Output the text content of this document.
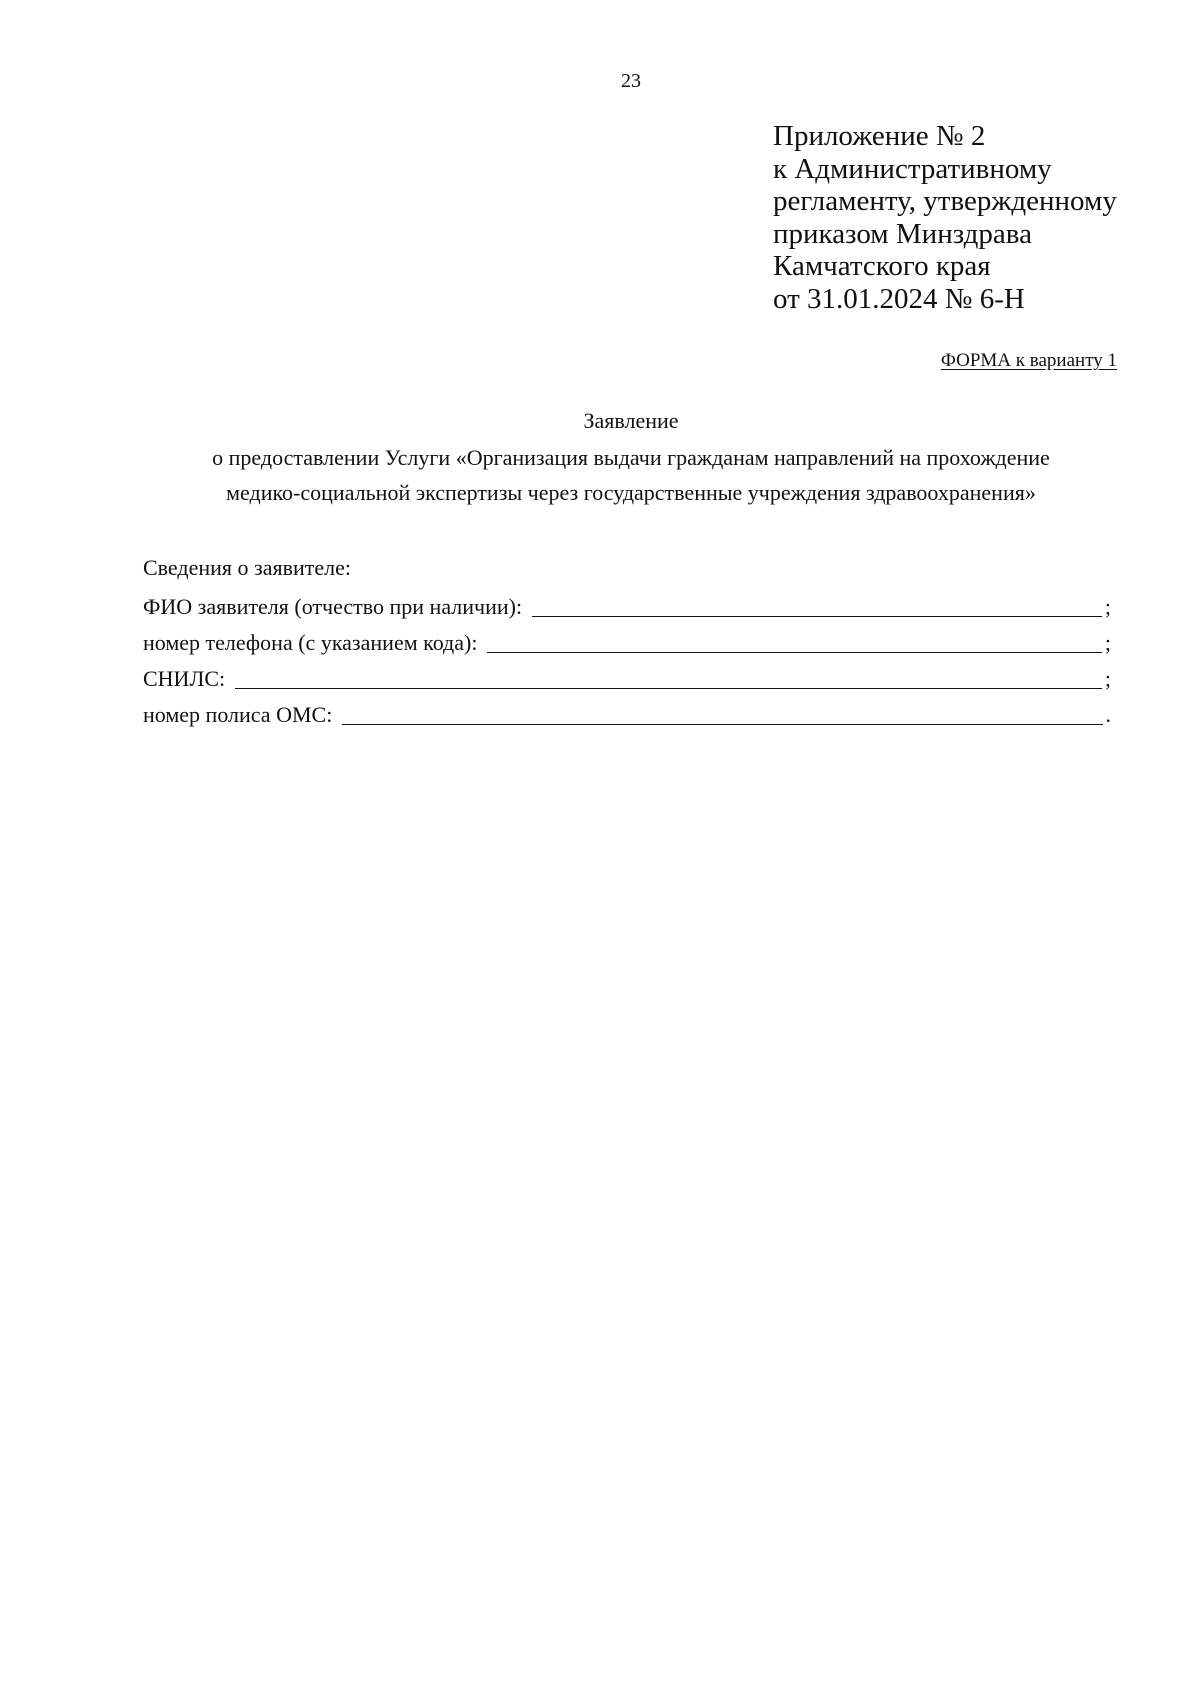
23
Приложение № 2
к Административному
регламенту, утвержденному
приказом Минздрава
Камчатского края
от 31.01.2024 № 6-Н
ФОРМА к варианту 1
Заявление
о предоставлении Услуги «Организация выдачи гражданам направлений на прохождение
медико-социальной экспертизы через государственные учреждения здравоохранения»
Сведения о заявителе:
ФИО заявителя (отчество при наличии):	;
номер телефона (с указанием кода):	;
СНИЛС:	;
номер полиса ОМС:	.
